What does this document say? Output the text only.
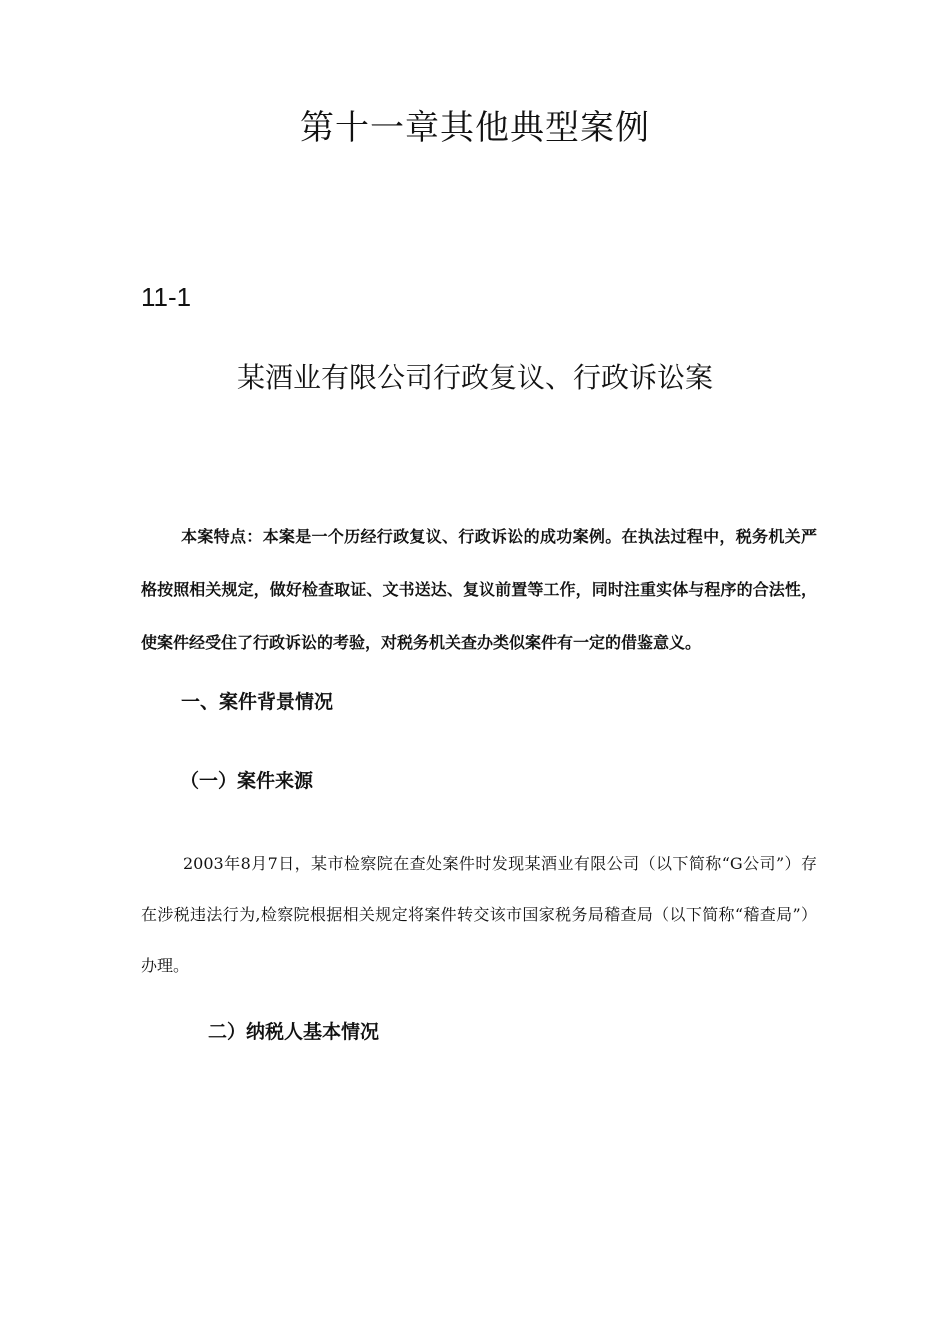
第十一章其他典型案例
11-1
某酒业有限公司行政复议、行政诉讼案

本案特点：本案是一个历经行政复议、行政诉讼的成功案例。在执法过程中，税务机关严格按照相关规定，做好检查取证、文书送达、复议前置等工作，同时注重实体与程序的合法性，使案件经受住了行政诉讼的考验，对税务机关查办类似案件有一定的借鉴意义。

一、案件背景情况
（一）案件来源

2003年8月7日，某市检察院在查处案件时发现某酒业有限公司（以下简称“G公司”）存在涉税违法行为,检察院根据相关规定将案件转交该市国家税务局稽查局（以下简称“稽查局”）办理。

二）纳税人基本情况
